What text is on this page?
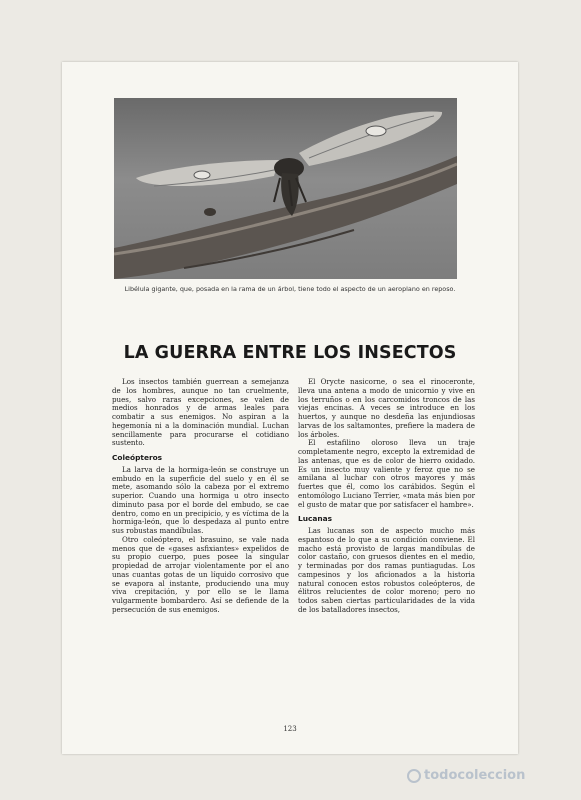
Libélula gigante, que, posada en la rama de un árbol, tiene todo el aspecto de un aeroplano en reposo.
LA GUERRA ENTRE LOS INSECTOS

Los insectos también guerrean a semejanza de los hombres, aunque no tan cruelmente, pues, salvo raras excepciones, se valen de medios honrados y de armas leales para combatir a sus enemigos. No aspiran a la hegemonía ni a la dominación mundial. Luchan sencillamente para procurarse el cotidiano sustento.

Coleópteros

La larva de la hormiga-león se construye un embudo en la superficie del suelo y en él se mete, asomando sólo la cabeza por el extremo superior. Cuando una hormiga u otro insecto diminuto pasa por el borde del embudo, se cae dentro, como en un precipicio, y es víctima de la hormiga-león, que lo despedaza al punto entre sus robustas mandíbulas.

Otro coleóptero, el brasuino, se vale nada menos que de «gases asfixiantes» expelidos de su propio cuerpo, pues posee la singular propiedad de arrojar violentamente por el ano unas cuantas gotas de un líquido corrosivo que se evapora al instante, produciendo una muy viva crepitación, y por ello se le llama vulgarmente bombardero. Así se defiende de la persecución de sus enemigos.

El Orycte nasicorne, o sea el rinoceronte, lleva una antena a modo de unicornio y vive en los terruños o en los carcomidos troncos de las viejas encinas. A veces se introduce en los huertos, y aunque no desdeña las enjundiosas larvas de los saltamontes, prefiere la madera de los árboles.

El estafilino oloroso lleva un traje completamente negro, excepto la extremidad de las antenas, que es de color de hierro oxidado. Es un insecto muy valiente y feroz que no se amilana al luchar con otros mayores y más fuertes que él, como los carábidos. Según el entomólogo Luciano Terrier, «mata más bien por el gusto de matar que por satisfacer el hambre».

Lucanas

Las lucanas son de aspecto mucho más espantoso de lo que a su condición conviene. El macho está provisto de largas mandíbulas de color castaño, con gruesos dientes en el medio, y terminadas por dos ramas puntiagudas. Los campesinos y los aficionados a la historia natural conocen estos robustos coleópteros, de élitros relucientes de color moreno; pero no todos saben ciertas particularidades de la vida de los batalladores insectos,

123
todocoleccion
